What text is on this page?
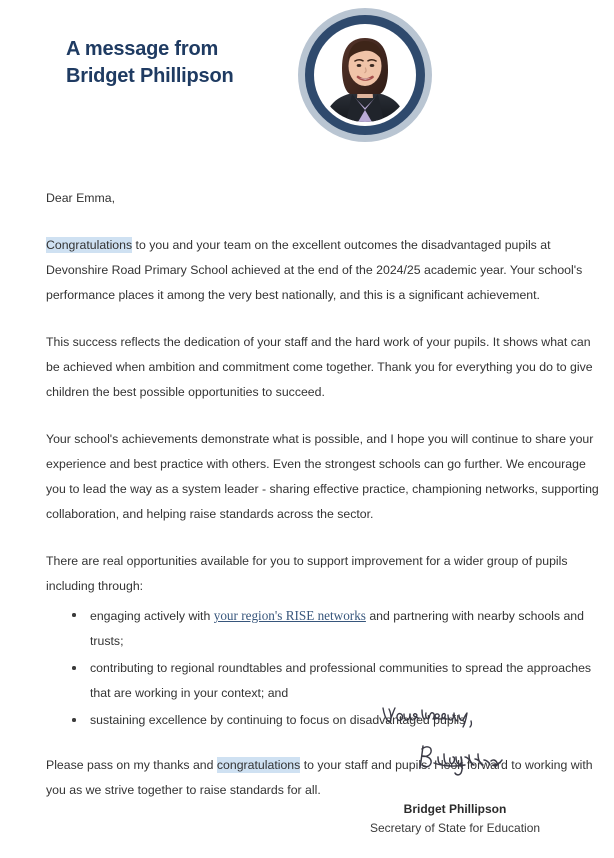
A message from
Bridget Phillipson

Dear Emma,

Congratulations to you and your team on the excellent outcomes the disadvantaged pupils at Devonshire Road Primary School achieved at the end of the 2024/25 academic year. Your school's performance places it among the very best nationally, and this is a significant achievement.

This success reflects the dedication of your staff and the hard work of your pupils. It shows what can be achieved when ambition and commitment come together. Thank you for everything you do to give children the best possible opportunities to succeed.

Your school's achievements demonstrate what is possible, and I hope you will continue to share your experience and best practice with others. Even the strongest schools can go further. We encourage you to lead the way as a system leader - sharing effective practice, championing networks, supporting collaboration, and helping raise standards across the sector.

There are real opportunities available for you to support improvement for a wider group of pupils including through:

engaging actively with your region's RISE networks and partnering with nearby schools and trusts;
contributing to regional roundtables and professional communities to spread the approaches that are working in your context; and
sustaining excellence by continuing to focus on disadvantaged pupils

Please pass on my thanks and congratulations to your staff and pupils. I look forward to working with you as we strive together to raise standards for all.

Bridget Phillipson
Secretary of State for Education
